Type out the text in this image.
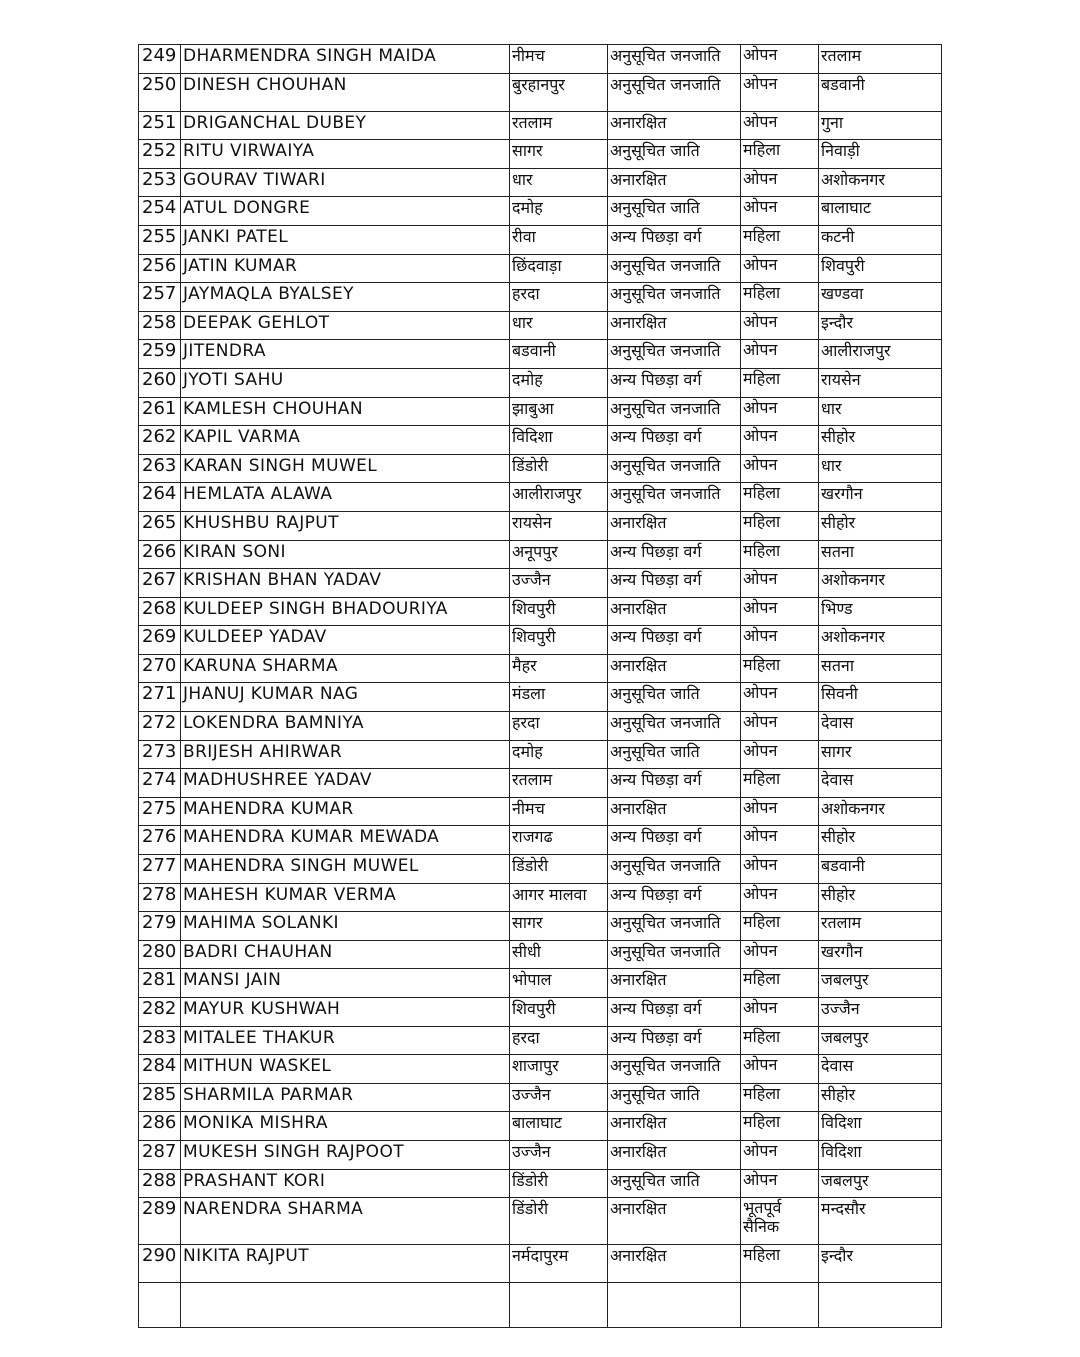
249	DHARMENDRA SINGH MAIDA	नीमच	अनुसूचित जनजाति	ओपन	रतलाम
250	DINESH CHOUHAN	बुरहानपुर	अनुसूचित जनजाति	ओपन	बडवानी
251	DRIGANCHAL DUBEY	रतलाम	अनारक्षित	ओपन	गुना
252	RITU VIRWAIYA	सागर	अनुसूचित जाति	महिला	निवाड़ी
253	GOURAV TIWARI	धार	अनारक्षित	ओपन	अशोकनगर
254	ATUL DONGRE	दमोह	अनुसूचित जाति	ओपन	बालाघाट
255	JANKI PATEL	रीवा	अन्य पिछड़ा वर्ग	महिला	कटनी
256	JATIN KUMAR	छिंदवाड़ा	अनुसूचित जनजाति	ओपन	शिवपुरी
257	JAYMAQLA BYALSEY	हरदा	अनुसूचित जनजाति	महिला	खण्डवा
258	DEEPAK GEHLOT	धार	अनारक्षित	ओपन	इन्दौर
259	JITENDRA	बडवानी	अनुसूचित जनजाति	ओपन	आलीराजपुर
260	JYOTI SAHU	दमोह	अन्य पिछड़ा वर्ग	महिला	रायसेन
261	KAMLESH CHOUHAN	झाबुआ	अनुसूचित जनजाति	ओपन	धार
262	KAPIL VARMA	विदिशा	अन्य पिछड़ा वर्ग	ओपन	सीहोर
263	KARAN SINGH MUWEL	डिंडोरी	अनुसूचित जनजाति	ओपन	धार
264	HEMLATA ALAWA	आलीराजपुर	अनुसूचित जनजाति	महिला	खरगौन
265	KHUSHBU RAJPUT	रायसेन	अनारक्षित	महिला	सीहोर
266	KIRAN SONI	अनूपपुर	अन्य पिछड़ा वर्ग	महिला	सतना
267	KRISHAN BHAN YADAV	उज्जैन	अन्य पिछड़ा वर्ग	ओपन	अशोकनगर
268	KULDEEP SINGH BHADOURIYA	शिवपुरी	अनारक्षित	ओपन	भिण्ड
269	KULDEEP YADAV	शिवपुरी	अन्य पिछड़ा वर्ग	ओपन	अशोकनगर
270	KARUNA SHARMA	मैहर	अनारक्षित	महिला	सतना
271	JHANUJ KUMAR NAG	मंडला	अनुसूचित जाति	ओपन	सिवनी
272	LOKENDRA BAMNIYA	हरदा	अनुसूचित जनजाति	ओपन	देवास
273	BRIJESH AHIRWAR	दमोह	अनुसूचित जाति	ओपन	सागर
274	MADHUSHREE YADAV	रतलाम	अन्य पिछड़ा वर्ग	महिला	देवास
275	MAHENDRA KUMAR	नीमच	अनारक्षित	ओपन	अशोकनगर
276	MAHENDRA KUMAR MEWADA	राजगढ	अन्य पिछड़ा वर्ग	ओपन	सीहोर
277	MAHENDRA SINGH MUWEL	डिंडोरी	अनुसूचित जनजाति	ओपन	बडवानी
278	MAHESH KUMAR VERMA	आगर मालवा	अन्य पिछड़ा वर्ग	ओपन	सीहोर
279	MAHIMA SOLANKI	सागर	अनुसूचित जनजाति	महिला	रतलाम
280	BADRI CHAUHAN	सीधी	अनुसूचित जनजाति	ओपन	खरगौन
281	MANSI JAIN	भोपाल	अनारक्षित	महिला	जबलपुर
282	MAYUR KUSHWAH	शिवपुरी	अन्य पिछड़ा वर्ग	ओपन	उज्जैन
283	MITALEE THAKUR	हरदा	अन्य पिछड़ा वर्ग	महिला	जबलपुर
284	MITHUN WASKEL	शाजापुर	अनुसूचित जनजाति	ओपन	देवास
285	SHARMILA PARMAR	उज्जैन	अनुसूचित जाति	महिला	सीहोर
286	MONIKA MISHRA	बालाघाट	अनारक्षित	महिला	विदिशा
287	MUKESH SINGH RAJPOOT	उज्जैन	अनारक्षित	ओपन	विदिशा
288	PRASHANT KORI	डिंडोरी	अनुसूचित जाति	ओपन	जबलपुर
289	NARENDRA SHARMA	डिंडोरी	अनारक्षित	भूतपूर्व सैनिक	मन्दसौर
290	NIKITA RAJPUT	नर्मदापुरम	अनारक्षित	महिला	इन्दौर
